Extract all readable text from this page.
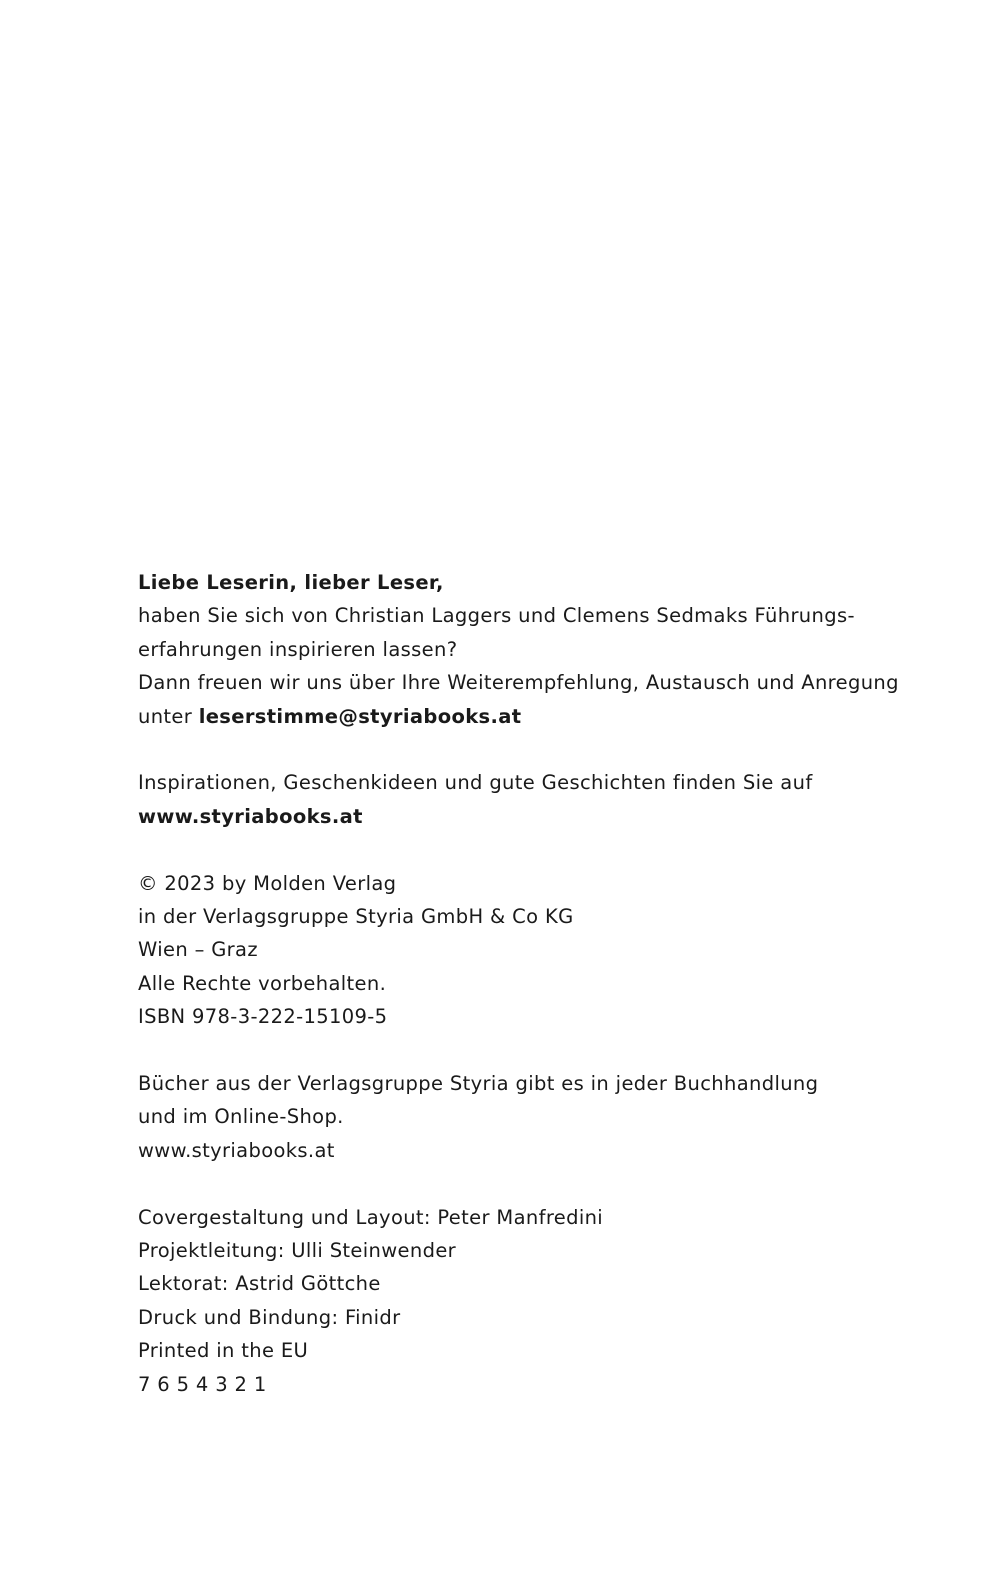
Liebe Leserin, lieber Leser,
haben Sie sich von Christian Laggers und Clemens Sedmaks Führungs-
erfahrungen inspirieren lassen?
Dann freuen wir uns über Ihre Weiterempfehlung, Austausch und Anregung
unter leserstimme@styriabooks.at
Inspirationen, Geschenkideen und gute Geschichten finden Sie auf
www.styriabooks.at
© 2023 by Molden Verlag
in der Verlagsgruppe Styria GmbH & Co KG
Wien – Graz
Alle Rechte vorbehalten.
ISBN 978-3-222-15109-5
Bücher aus der Verlagsgruppe Styria gibt es in jeder Buchhandlung
und im Online-Shop.
www.styriabooks.at
Covergestaltung und Layout: Peter Manfredini
Projektleitung: Ulli Steinwender
Lektorat: Astrid Göttche
Druck und Bindung: Finidr
Printed in the EU
7 6 5 4 3 2 1
